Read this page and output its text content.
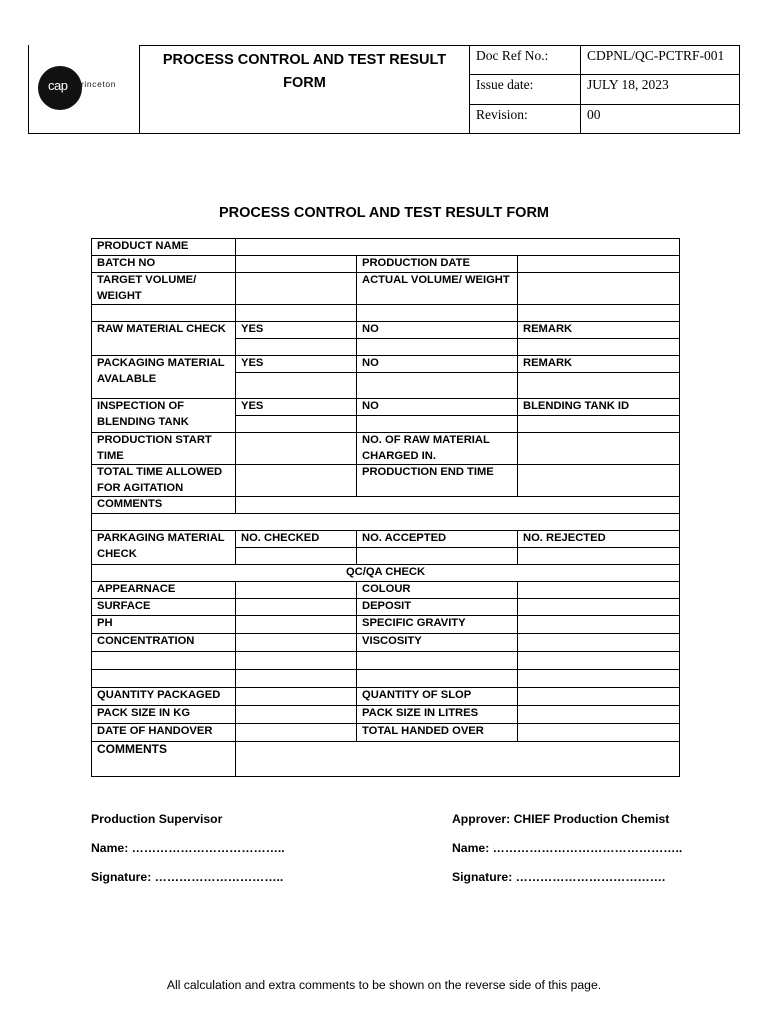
cap rinceton
PROCESS CONTROL AND TEST RESULT
FORM
Doc Ref No.:	CDPNL/QC-PCTRF-001
Issue date:	JULY 18, 2023
Revision:	00
PROCESS CONTROL AND TEST RESULT FORM
PRODUCT NAME			
BATCH NO		PRODUCTION DATE	
TARGET VOLUME/
WEIGHT		ACTUAL VOLUME/ WEIGHT	

RAW MATERIAL CHECK	YES	NO	REMARK

PACKAGING MATERIAL
AVALABLE	YES	NO	REMARK

INSPECTION OF
BLENDING TANK	YES	NO	BLENDING TANK ID

PRODUCTION START
TIME		NO. OF RAW MATERIAL
CHARGED IN.	
TOTAL TIME ALLOWED
FOR AGITATION		PRODUCTION END TIME	
COMMENTS			

PARKAGING MATERIAL
CHECK	NO. CHECKED	NO. ACCEPTED	NO. REJECTED

QC/QA CHECK			
APPEARNACE		COLOUR	
SURFACE		DEPOSIT	
PH		SPECIFIC GRAVITY	
CONCENTRATION		VISCOSITY	

QUANTITY PACKAGED		QUANTITY OF SLOP	
PACK SIZE IN KG		PACK SIZE IN LITRES	
DATE OF HANDOVER		TOTAL HANDED OVER	
COMMENTS			
Production Supervisor
Name: ………………………………..
Signature: …………………………..
Approver: CHIEF Production Chemist
Name: ………………………………………..
Signature: ……………………………….
All calculation and extra comments to be shown on the reverse side of this page.
